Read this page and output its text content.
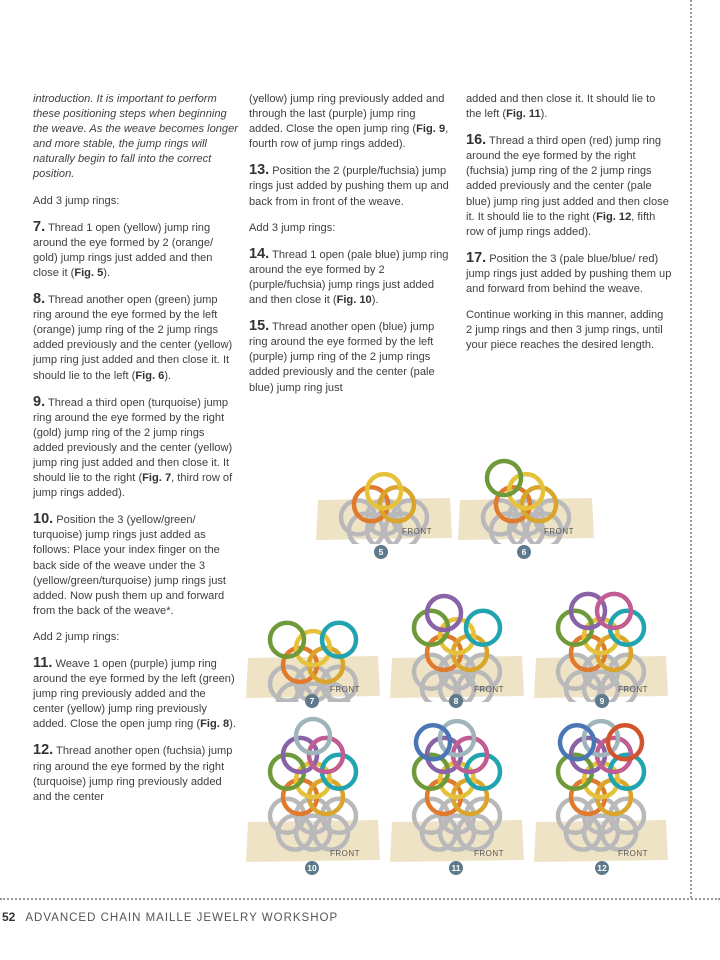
introduction. It is important to perform these positioning steps when beginning the weave. As the weave becomes longer and more stable, the jump rings will naturally begin to fall into the correct position.

Add 3 jump rings:

7. Thread 1 open (yellow) jump ring around the eye formed by 2 (orange/ gold) jump rings just added and then close it (Fig. 5).

8. Thread another open (green) jump ring around the eye formed by the left (orange) jump ring of the 2 jump rings added previously and the center (yellow) jump ring just added and then close it. It should lie to the left (Fig. 6).

9. Thread a third open (turquoise) jump ring around the eye formed by the right (gold) jump ring of the 2 jump rings added previously and the center (yellow) jump ring just added and then close it. It should lie to the right (Fig. 7, third row of jump rings added).

10. Position the 3 (yellow/green/ turquoise) jump rings just added as follows: Place your index finger on the back side of the weave under the 3 (yellow/green/turquoise) jump rings just added. Now push them up and forward from the back of the weave*.

Add 2 jump rings:

11. Weave 1 open (purple) jump ring around the eye formed by the left (green) jump ring previously added and the center (yellow) jump ring previously added. Close the open jump ring (Fig. 8).

12. Thread another open (fuchsia) jump ring around the eye formed by the right (turquoise) jump ring previously added and the center

(yellow) jump ring previously added and through the last (purple) jump ring added. Close the open jump ring (Fig. 9, fourth row of jump rings added).

13. Position the 2 (purple/fuchsia) jump rings just added by pushing them up and back from in front of the weave.

Add 3 jump rings:

14. Thread 1 open (pale blue) jump ring around the eye formed by 2 (purple/fuchsia) jump rings just added and then close it (Fig. 10).

15. Thread another open (blue) jump ring around the eye formed by the left (purple) jump ring of the 2 jump rings added previously and the center (pale blue) jump ring just

added and then close it. It should lie to the left (Fig. 11).

16. Thread a third open (red) jump ring around the eye formed by the right (fuchsia) jump ring of the 2 jump rings added previously and the center (pale blue) jump ring just added and then close it. It should lie to the right (Fig. 12, fifth row of jump rings added).

17. Position the 3 (pale blue/blue/ red) jump rings just added by pushing them up and forward from behind the weave.

Continue working in this manner, adding 2 jump rings and then 3 jump rings, until your piece reaches the desired length.

FRONT
5
FRONT
6
FRONT
7
FRONT
8
FRONT
9
FRONT
10
FRONT
11
FRONT
12
52 ADVANCED CHAIN MAILLE JEWELRY WORKSHOP
